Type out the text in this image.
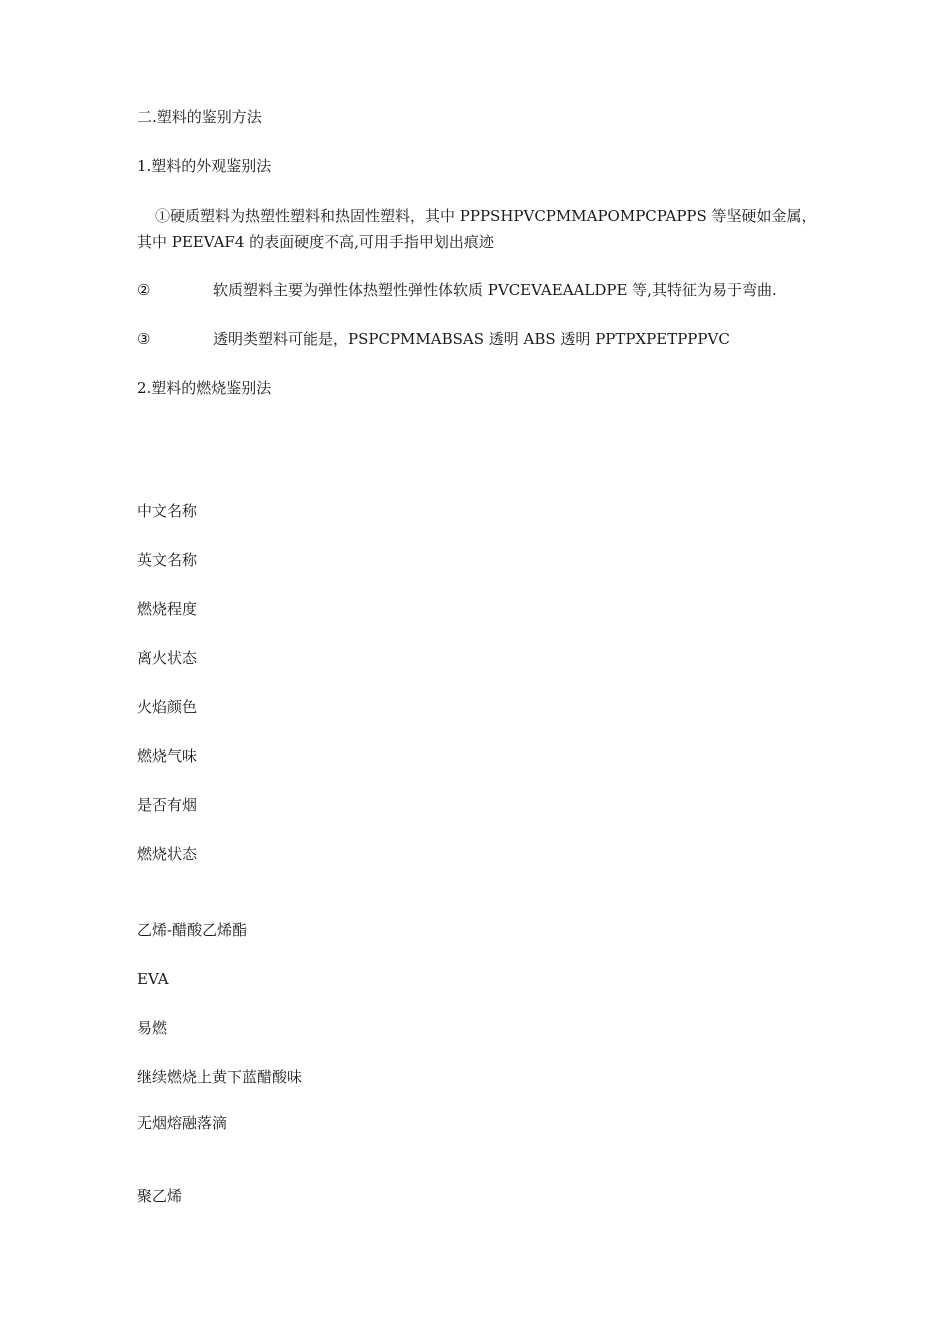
二.塑料的鉴别方法
1.塑料的外观鉴别法
①硬质塑料为热塑性塑料和热固性塑料，其中 PPPSHPVCPMMAPOMPCPAPPS 等坚硬如金属，
其中 PEEVAF4 的表面硬度不高,可用手指甲划出痕迹
②	软质塑料主要为弹性体热塑性弹性体软质 PVCEVAEAALDPE 等,其特征为易于弯曲.
③	透明类塑料可能是，PSPCPMMABSAS 透明 ABS 透明 PPTPXPETPPPVC
2.塑料的燃烧鉴别法
中文名称
英文名称
燃烧程度
离火状态
火焰颜色
燃烧气味
是否有烟
燃烧状态
乙烯-醋酸乙烯酯
EVA
易燃
继续燃烧上黄下蓝醋酸味
无烟熔融落滴
聚乙烯
